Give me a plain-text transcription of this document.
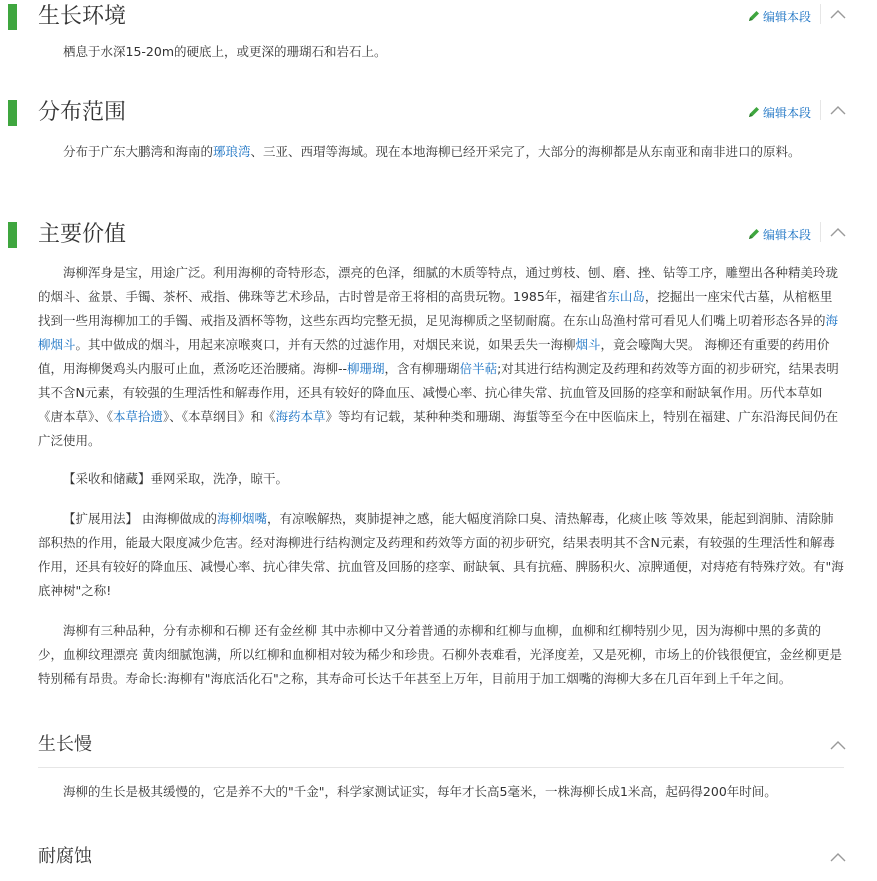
生长环境	编辑本段

栖息于水深15-20m的硬底上，或更深的珊瑚石和岩石上。

分布范围	编辑本段

分布于广东大鹏湾和海南的琊琅湾、三亚、西瑁等海域。现在本地海柳已经开采完了，大部分的海柳都是从东南亚和南非进口的原料。

主要价值	编辑本段

海柳浑身是宝，用途广泛。利用海柳的奇特形态，漂亮的色泽，细腻的木质等特点，通过剪枝、刨、磨、挫、钻等工序，雕塑出各种精美玲珑的烟斗、盆景、手镯、茶杯、戒指、佛珠等艺术珍品，古时曾是帝王将相的高贵玩物。1985年，福建省东山岛，挖掘出一座宋代古墓，从棺柩里找到一些用海柳加工的手镯、戒指及酒杯等物，这些东西均完整无损，足见海柳质之坚韧耐腐。在东山岛渔村常可看见人们嘴上叨着形态各异的海柳烟斗。其中做成的烟斗，用起来凉喉爽口，并有天然的过滤作用，对烟民来说，如果丢失一海柳烟斗，竟会嚎陶大哭。 海柳还有重要的药用价值，用海柳煲鸡头内服可止血，煮汤吃还治腰痛。海柳--柳珊瑚，含有柳珊瑚倍半萜;对其进行结构测定及药理和药效等方面的初步研究，结果表明其不含N元素，有较强的生理活性和解毒作用，还具有较好的降血压、减慢心率、抗心律失常、抗血管及回肠的痉挛和耐缺氧作用。历代本草如《唐本草》、《本草拾遗》、《本草纲目》和《海药本草》等均有记载，某种种类和珊瑚、海蜇等至今在中医临床上，特别在福建、广东沿海民间仍在广泛使用。

【采收和储藏】垂网采取，洗净，晾干。

【扩展用法】 由海柳做成的海柳烟嘴，有凉喉解热，爽肺提神之感，能大幅度消除口臭、清热解毒，化痰止咳 等效果，能起到润肺、清除肺部积热的作用，能最大限度减少危害。经对海柳进行结构测定及药理和药效等方面的初步研究，结果表明其不含N元素，有较强的生理活性和解毒作用，还具有较好的降血压、减慢心率、抗心律失常、抗血管及回肠的痉挛、耐缺氧、具有抗癌、脾肠积火、凉脾通便，对痔疮有特殊疗效。有"海底神树"之称!

海柳有三种品种，分有赤柳和石柳 还有金丝柳 其中赤柳中又分着普通的赤柳和红柳与血柳，血柳和红柳特别少见，因为海柳中黑的多黄的少，血柳纹理漂亮 黄肉细腻饱满，所以红柳和血柳相对较为稀少和珍贵。石柳外表难看，光泽度差，又是死柳，市场上的价钱很便宜，金丝柳更是特别稀有昂贵。寿命长:海柳有"海底活化石"之称，其寿命可长达千年甚至上万年，目前用于加工烟嘴的海柳大多在几百年到上千年之间。

生长慢

海柳的生长是极其缓慢的，它是养不大的"千金"，科学家测试证实，每年才长高5毫米，一株海柳长成1米高，起码得200年时间。

耐腐蚀
